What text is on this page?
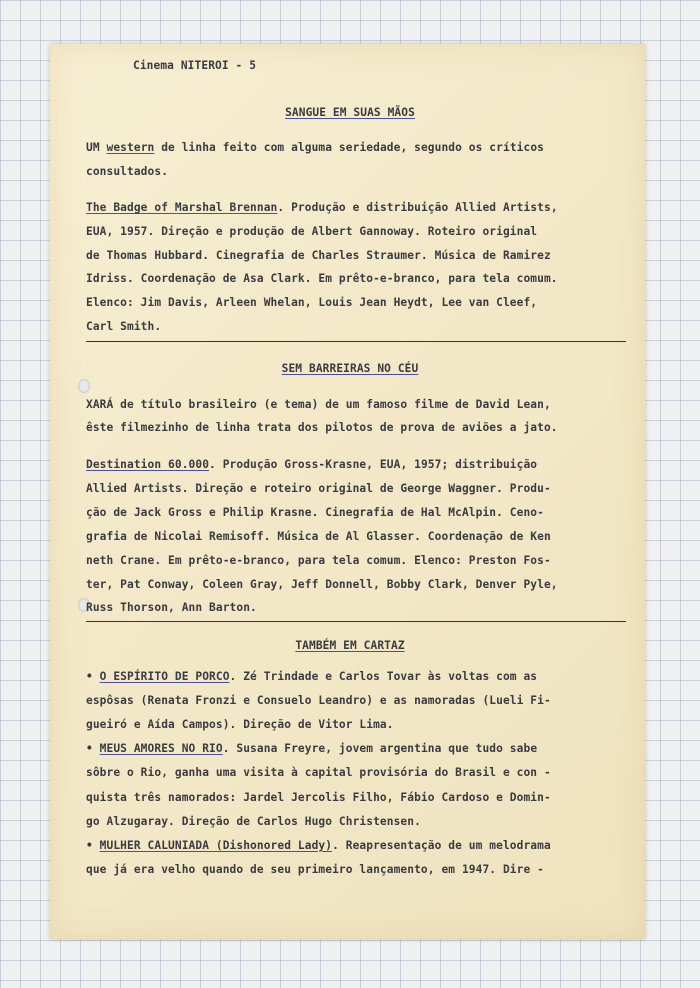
Cinema NITEROI - 5
SANGUE EM SUAS MÃOS
UM western de linha feito com alguma seriedade, segundo os críticos
consultados.
The Badge of Marshal Brennan. Produção e distribuição Allied Artists,
EUA, 1957. Direção e produção de Albert Gannoway. Roteiro original
de Thomas Hubbard. Cinegrafia de Charles Straumer. Música de Ramirez
Idriss. Coordenação de Asa Clark. Em prêto-e-branco, para tela comum.
Elenco: Jim Davis, Arleen Whelan, Louis Jean Heydt, Lee van Cleef,
Carl Smith.
SEM BARREIRAS NO CÉU
XARÁ de título brasileiro (e tema) de um famoso filme de David Lean,
êste filmezinho de linha trata dos pilotos de prova de aviões a jato.
Destination 60.000. Produção Gross-Krasne, EUA, 1957; distribuição
Allied Artists. Direção e roteiro original de George Waggner. Produ-
ção de Jack Gross e Philip Krasne. Cinegrafia de Hal McAlpin. Ceno-
grafia de Nicolai Remisoff. Música de Al Glasser. Coordenação de Ken
neth Crane. Em prêto-e-branco, para tela comum. Elenco: Preston Fos-
ter, Pat Conway, Coleen Gray, Jeff Donnell, Bobby Clark, Denver Pyle,
Russ Thorson, Ann Barton.
TAMBÉM EM CARTAZ
• O ESPÍRITO DE PORCO. Zé Trindade e Carlos Tovar às voltas com as
espôsas (Renata Fronzi e Consuelo Leandro) e as namoradas (Lueli Fi-
gueiró e Aída Campos). Direção de Vitor Lima.
• MEUS AMORES NO RIO. Susana Freyre, jovem argentina que tudo sabe
sôbre o Rio, ganha uma visita à capital provisória do Brasil e con -
quista três namorados: Jardel Jercolis Filho, Fábio Cardoso e Domin-
go Alzugaray. Direção de Carlos Hugo Christensen.
• MULHER CALUNIADA (Dishonored Lady). Reapresentação de um melodrama
que já era velho quando de seu primeiro lançamento, em 1947. Dire -
